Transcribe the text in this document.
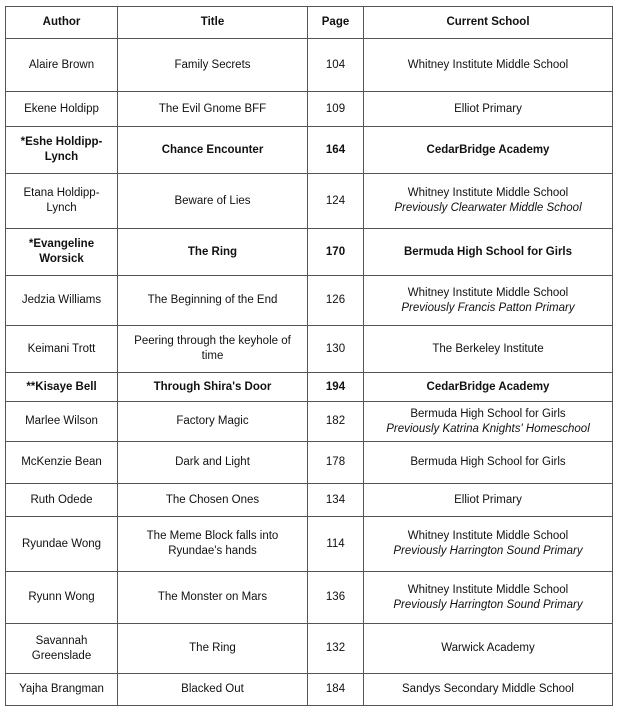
Author	Title	Page	Current School
Alaire Brown	Family Secrets	104	Whitney Institute Middle School

Ekene Holdipp	The Evil Gnome BFF	109	Elliot Primary

*Eshe Holdipp-Lynch	Chance Encounter	164	CedarBridge Academy

Etana Holdipp-Lynch	Beware of Lies	124	Whitney Institute Middle School
Previously Clearwater Middle School

*Evangeline Worsick	The Ring	170	Bermuda High School for Girls

Jedzia Williams	The Beginning of the End	126	Whitney Institute Middle School
Previously Francis Patton Primary

Keimani Trott	Peering through the keyhole of time	130	The Berkeley Institute

**Kisaye Bell	Through Shira's Door	194	CedarBridge Academy

Marlee Wilson	Factory Magic	182	Bermuda High School for Girls
Previously Katrina Knights' Homeschool

McKenzie Bean	Dark and Light	178	Bermuda High School for Girls

Ruth Odede	The Chosen Ones	134	Elliot Primary

Ryundae Wong	The Meme Block falls into Ryundae's hands	114	Whitney Institute Middle School
Previously Harrington Sound Primary

Ryunn Wong	The Monster on Mars	136	Whitney Institute Middle School
Previously Harrington Sound Primary

Savannah Greenslade	The Ring	132	Warwick Academy

Yajha Brangman	Blacked Out	184	Sandys Secondary Middle School
